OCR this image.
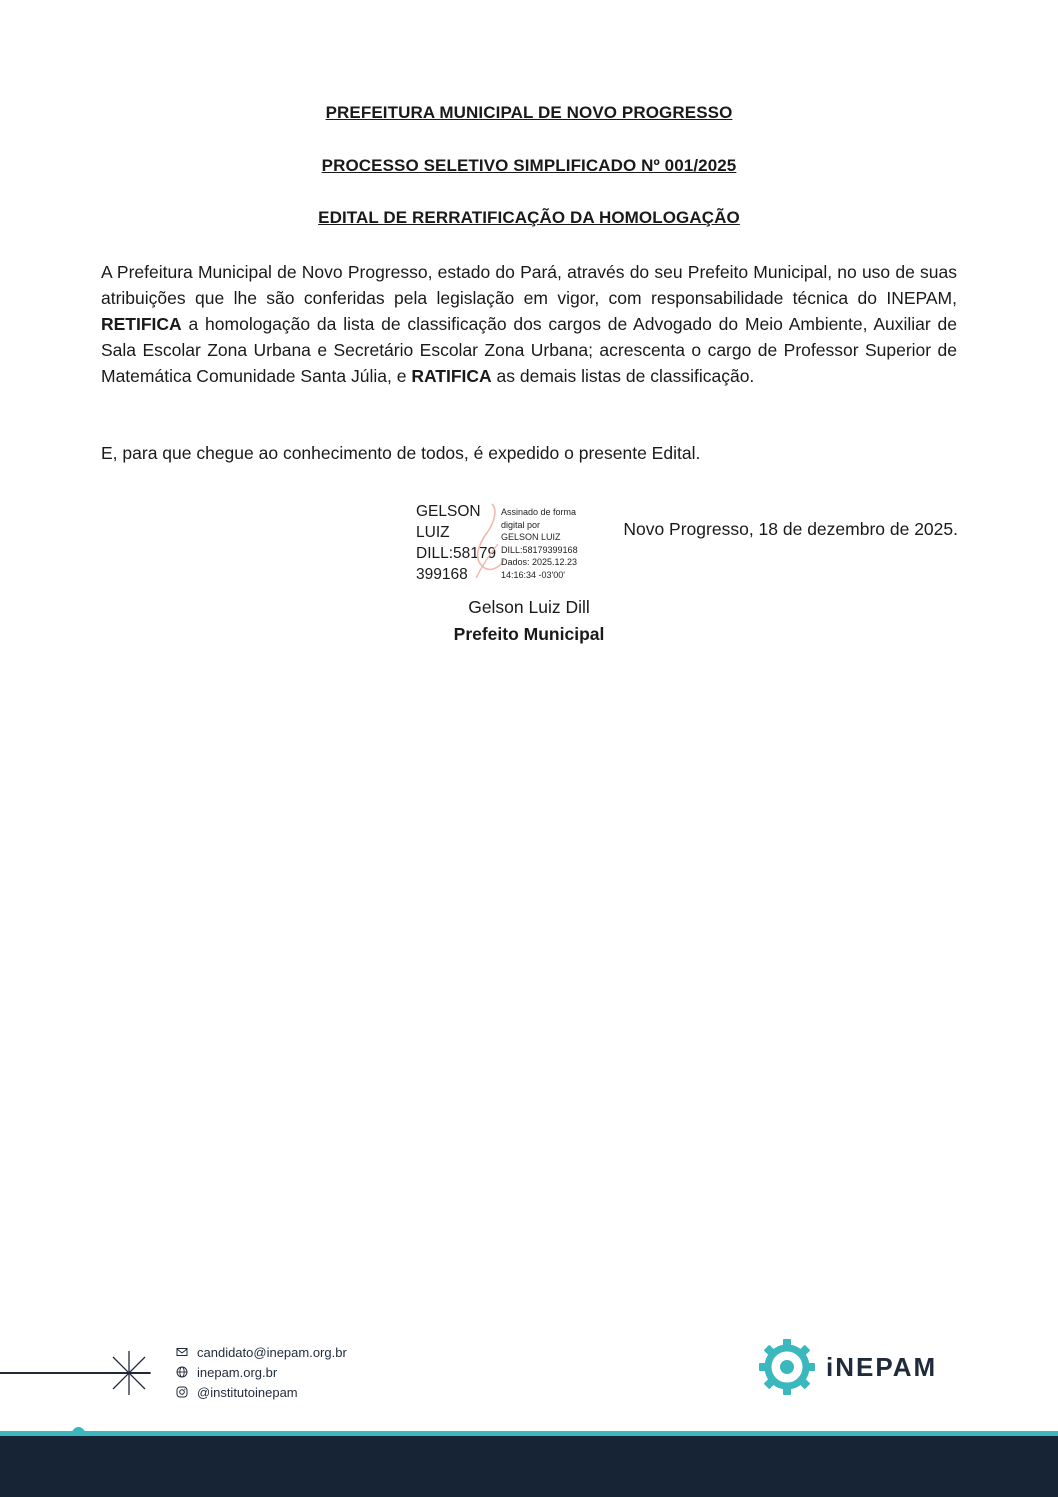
PREFEITURA MUNICIPAL DE NOVO PROGRESSO
PROCESSO SELETIVO SIMPLIFICADO Nº 001/2025
EDITAL DE RERRATIFICAÇÃO DA HOMOLOGAÇÃO

A Prefeitura Municipal de Novo Progresso, estado do Pará, através do seu Prefeito Municipal, no uso de suas atribuições que lhe são conferidas pela legislação em vigor, com responsabilidade técnica do INEPAM, RETIFICA a homologação da lista de classificação dos cargos de Advogado do Meio Ambiente, Auxiliar de Sala Escolar Zona Urbana e Secretário Escolar Zona Urbana; acrescenta o cargo de Professor Superior de Matemática Comunidade Santa Júlia, e RATIFICA as demais listas de classificação.

E, para que chegue ao conhecimento de todos, é expedido o presente Edital.

GELSON
LUIZ
DILL:58179
399168
Assinado de forma
digital por
GELSON LUIZ
DILL:58179399168
Dados: 2025.12.23
14:16:34 -03'00'
Novo Progresso, 18 de dezembro de 2025.
Gelson Luiz Dill
Prefeito Municipal
candidato@inepam.org.br
inepam.org.br
@institutoinepam
iNEPAM
